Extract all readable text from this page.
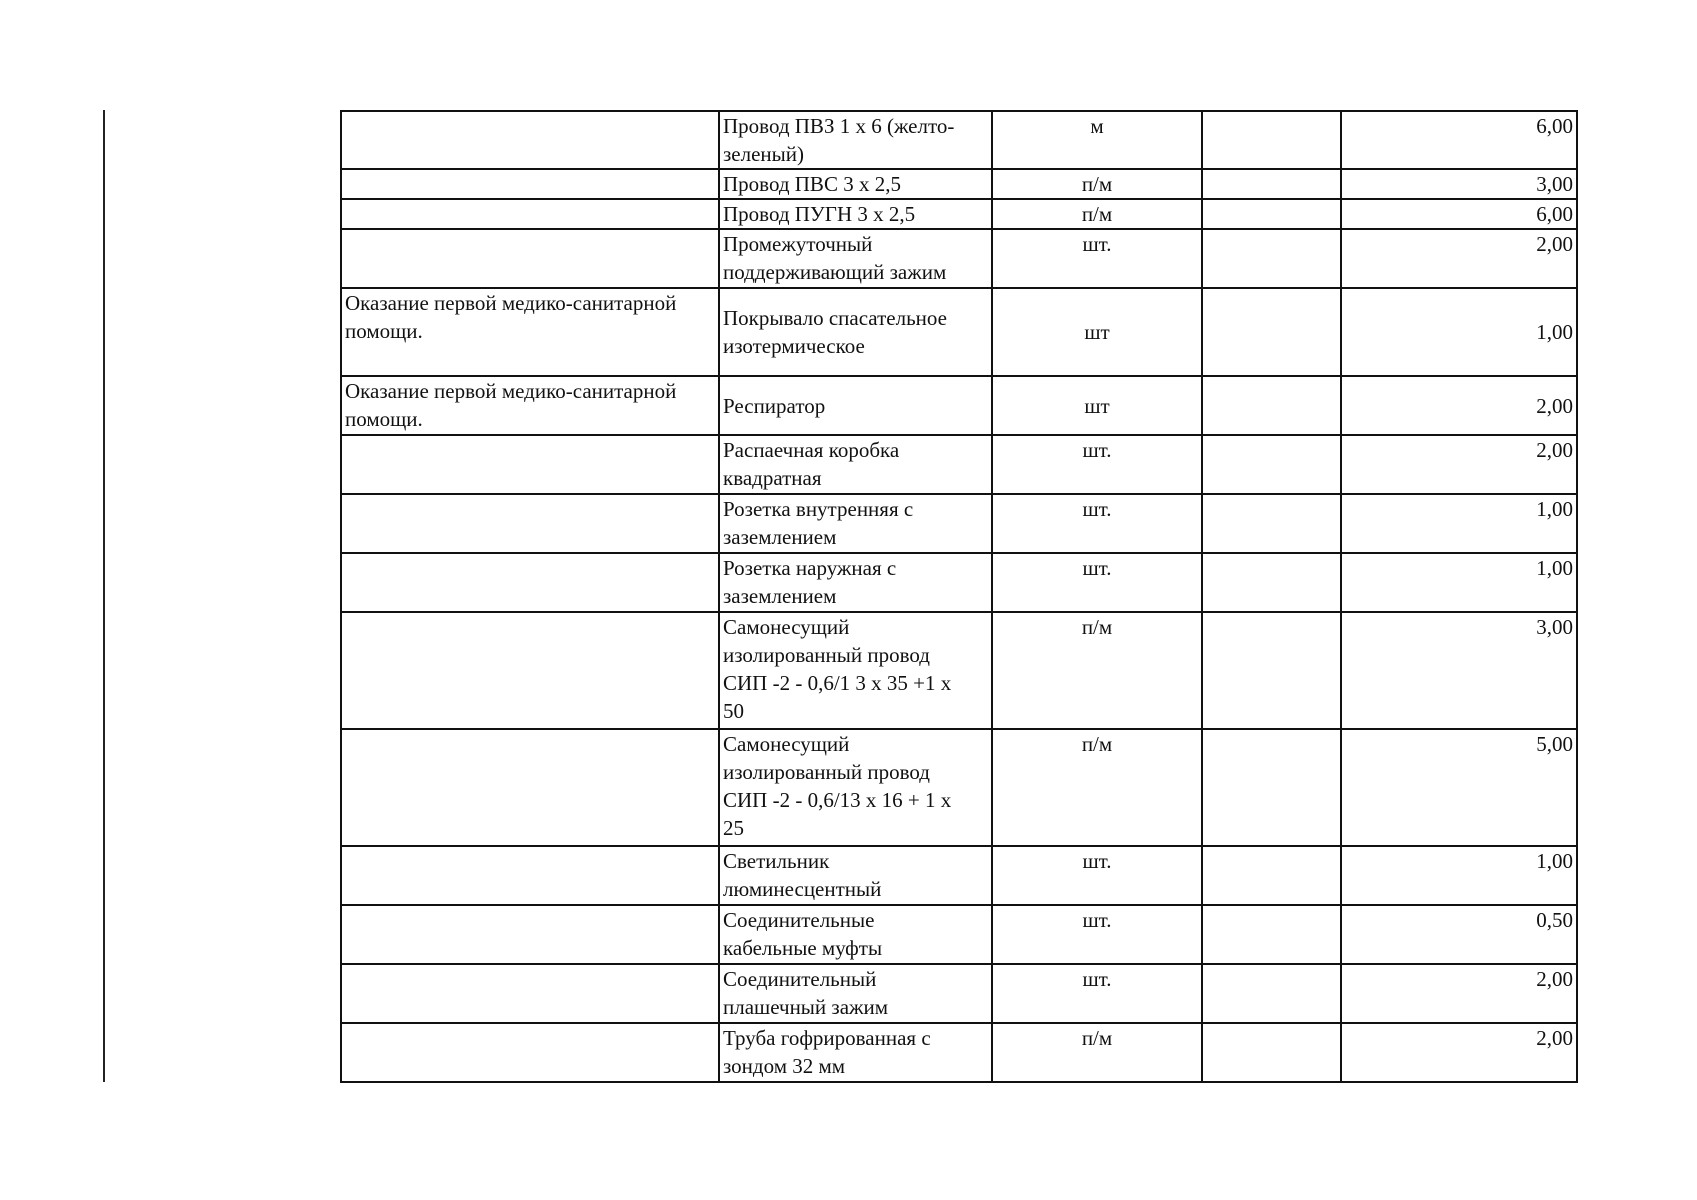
	Провод ПВЗ 1 х 6 (желто-
зеленый)	м		6,00

	Провод ПВС 3 х 2,5	п/м		3,00

	Провод ПУГН 3 х 2,5	п/м		6,00

	Промежуточный
поддерживающий зажим	шт.		2,00

Оказание первой медико-санитарной
помощи.	Покрывало спасательное
изотермическое	шт		1,00

Оказание первой медико-санитарной
помощи.	Респиратор	шт		2,00

	Распаечная коробка
квадратная	шт.		2,00

	Розетка внутренняя с
заземлением	шт.		1,00

	Розетка наружная с
заземлением	шт.		1,00

	Самонесущий
изолированный провод
СИП -2 - 0,6/1 3 х 35 +1 х
50	п/м		3,00

	Самонесущий
изолированный провод
СИП -2 - 0,6/13 х 16 + 1 х
25	п/м		5,00

	Светильник
люминесцентный	шт.		1,00

	Соединительные
кабельные муфты	шт.		0,50

	Соединительный
плашечный зажим	шт.		2,00

	Труба гофрированная с
зондом 32 мм	п/м		2,00
